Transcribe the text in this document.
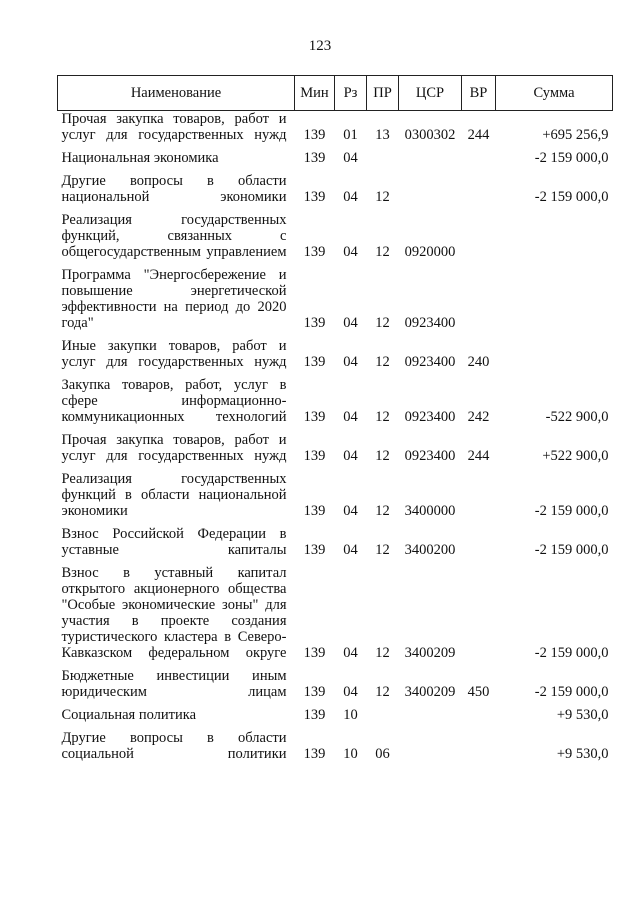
123
Наименование	Мин	Рз	ПР	ЦСР	ВР	Сумма
Прочая закупка товаров, работ и услуг для государственных нужд	139	01	13	0300302	244	+695 256,9
Национальная экономика	139	04				-2 159 000,0
Другие вопросы в области национальной экономики	139	04	12			-2 159 000,0
Реализация государственных функций, связанных с общегосударственным управлением	139	04	12	0920000		
Программа "Энергосбережение и повышение энергетической эффективности на период до 2020 года"	139	04	12	0923400		
Иные закупки товаров, работ и услуг для государственных нужд	139	04	12	0923400	240	
Закупка товаров, работ, услуг в сфере информационно-коммуникационных технологий	139	04	12	0923400	242	-522 900,0
Прочая закупка товаров, работ и услуг для государственных нужд	139	04	12	0923400	244	+522 900,0
Реализация государственных функций в области национальной экономики	139	04	12	3400000		-2 159 000,0
Взнос Российской Федерации в уставные капиталы	139	04	12	3400200		-2 159 000,0
Взнос в уставный капитал открытого акционерного общества "Особые экономические зоны" для участия в проекте создания туристического кластера в Северо-Кавказском федеральном округе	139	04	12	3400209		-2 159 000,0
Бюджетные инвестиции иным юридическим лицам	139	04	12	3400209	450	-2 159 000,0
Социальная политика	139	10				+9 530,0
Другие вопросы в области социальной политики	139	10	06			+9 530,0
